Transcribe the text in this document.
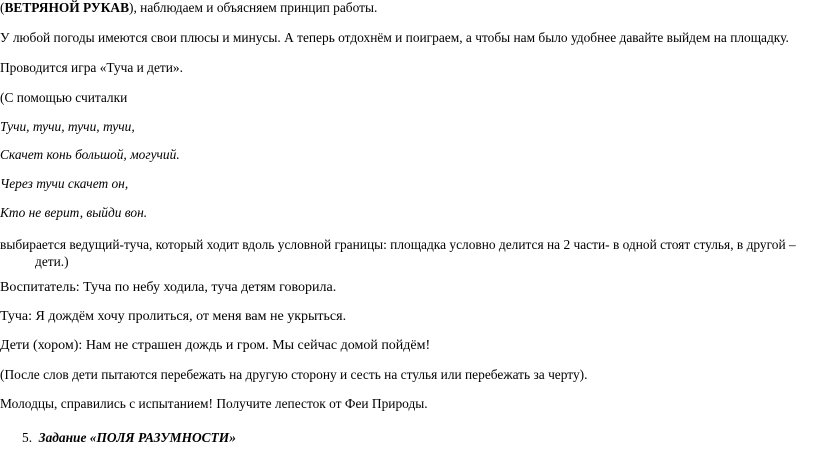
(ВЕТРЯНОЙ РУКАВ), наблюдаем и объясняем принцип работы.

У любой погоды имеются свои плюсы и минусы. А теперь отдохнём и поиграем, а чтобы нам было удобнее давайте выйдем на площадку.

Проводится игра «Туча и дети».

(С помощью считалки

Тучи, тучи, тучи, тучи,

Скачет конь большой, могучий.

Через тучи скачет он,

Кто не верит, выйди вон.

выбирается ведущий-туча, который ходит вдоль условной границы: площадка условно делится на 2 части- в одной стоят стулья, в другой –
дети.)

Воспитатель: Туча по небу ходила, туча детям говорила.

Туча: Я дождём хочу пролиться, от меня вам не укрыться.

Дети (хором): Нам не страшен дождь и гром. Мы сейчас домой пойдём!

(После слов дети пытаются перебежать на другую сторону и сесть на стулья или перебежать за черту).

Молодцы, справились с испытанием! Получите лепесток от Феи Природы.

5. Задание «ПОЛЯ РАЗУМНОСТИ»
